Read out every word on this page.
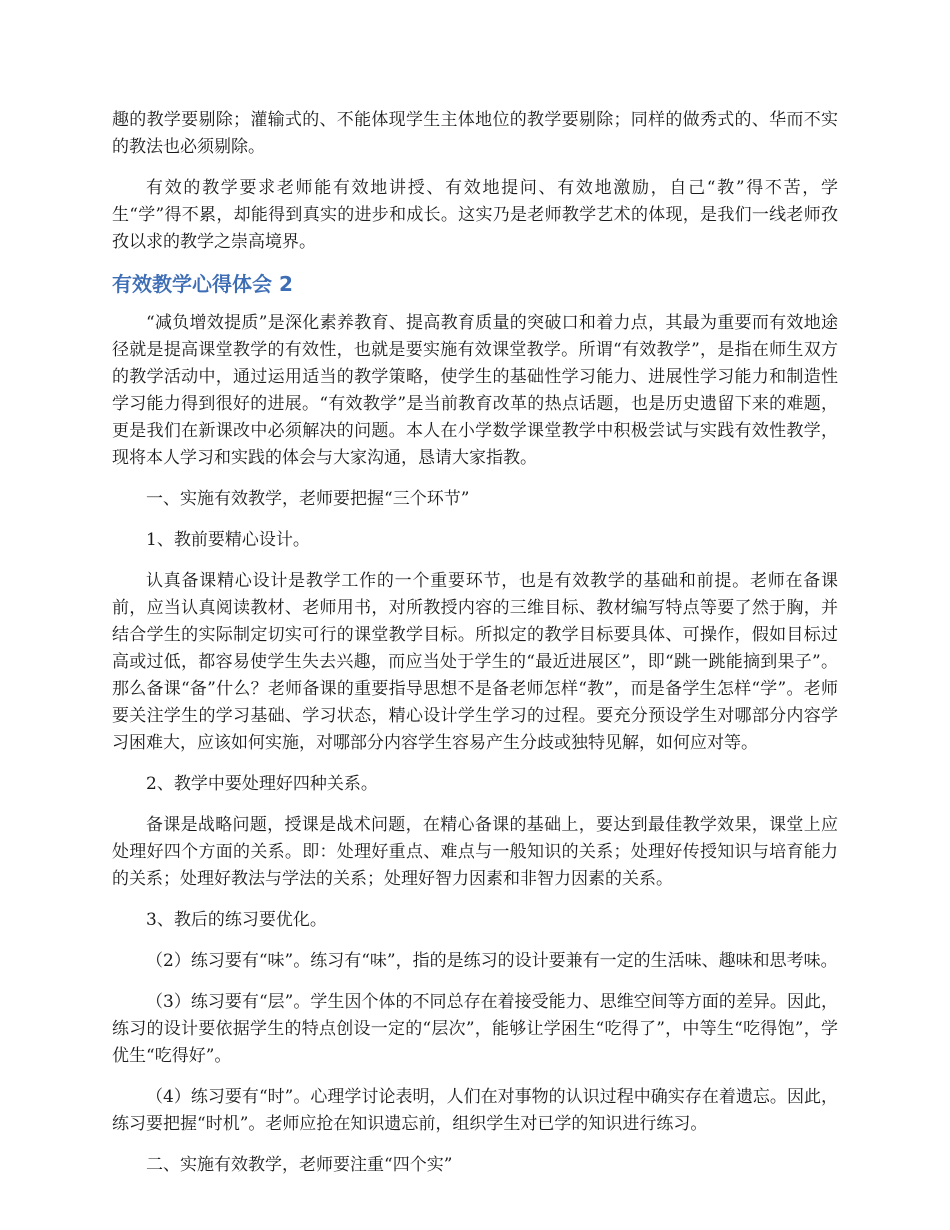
趣的教学要剔除；灌输式的、不能体现学生主体地位的教学要剔除；同样的做秀式的、华而不实的教法也必须剔除。

有效的教学要求老师能有效地讲授、有效地提问、有效地激励，自己“教”得不苦，学生“学”得不累，却能得到真实的进步和成长。这实乃是老师教学艺术的体现，是我们一线老师孜孜以求的教学之崇高境界。

有效教学心得体会 2

“减负增效提质”是深化素养教育、提高教育质量的突破口和着力点，其最为重要而有效地途径就是提高课堂教学的有效性，也就是要实施有效课堂教学。所谓“有效教学”，是指在师生双方的教学活动中，通过运用适当的教学策略，使学生的基础性学习能力、进展性学习能力和制造性学习能力得到很好的进展。“有效教学”是当前教育改革的热点话题，也是历史遗留下来的难题，更是我们在新课改中必须解决的问题。本人在小学数学课堂教学中积极尝试与实践有效性教学，现将本人学习和实践的体会与大家沟通，恳请大家指教。

一、实施有效教学，老师要把握“三个环节”

1、教前要精心设计。

认真备课精心设计是教学工作的一个重要环节，也是有效教学的基础和前提。老师在备课前，应当认真阅读教材、老师用书，对所教授内容的三维目标、教材编写特点等要了然于胸，并结合学生的实际制定切实可行的课堂教学目标。所拟定的教学目标要具体、可操作，假如目标过高或过低，都容易使学生失去兴趣，而应当处于学生的“最近进展区”，即“跳一跳能摘到果子”。 那么备课“备”什么？老师备课的重要指导思想不是备老师怎样“教”，而是备学生怎样“学”。老师要关注学生的学习基础、学习状态，精心设计学生学习的过程。要充分预设学生对哪部分内容学习困难大，应该如何实施，对哪部分内容学生容易产生分歧或独特见解，如何应对等。

2、教学中要处理好四种关系。

备课是战略问题，授课是战术问题，在精心备课的基础上，要达到最佳教学效果，课堂上应处理好四个方面的关系。即：处理好重点、难点与一般知识的关系；处理好传授知识与培育能力的关系；处理好教法与学法的关系；处理好智力因素和非智力因素的关系。

3、教后的练习要优化。

（2）练习要有“味”。练习有“味”，指的是练习的设计要兼有一定的生活味、趣味和思考味。

（3）练习要有“层”。学生因个体的不同总存在着接受能力、思维空间等方面的差异。因此，练习的设计要依据学生的特点创设一定的“层次”，能够让学困生“吃得了”，中等生“吃得饱”，学优生“吃得好”。

（4）练习要有“时”。心理学讨论表明，人们在对事物的认识过程中确实存在着遗忘。因此，练习要把握“时机”。老师应抢在知识遗忘前，组织学生对已学的知识进行练习。

二、实施有效教学，老师要注重“四个实”
